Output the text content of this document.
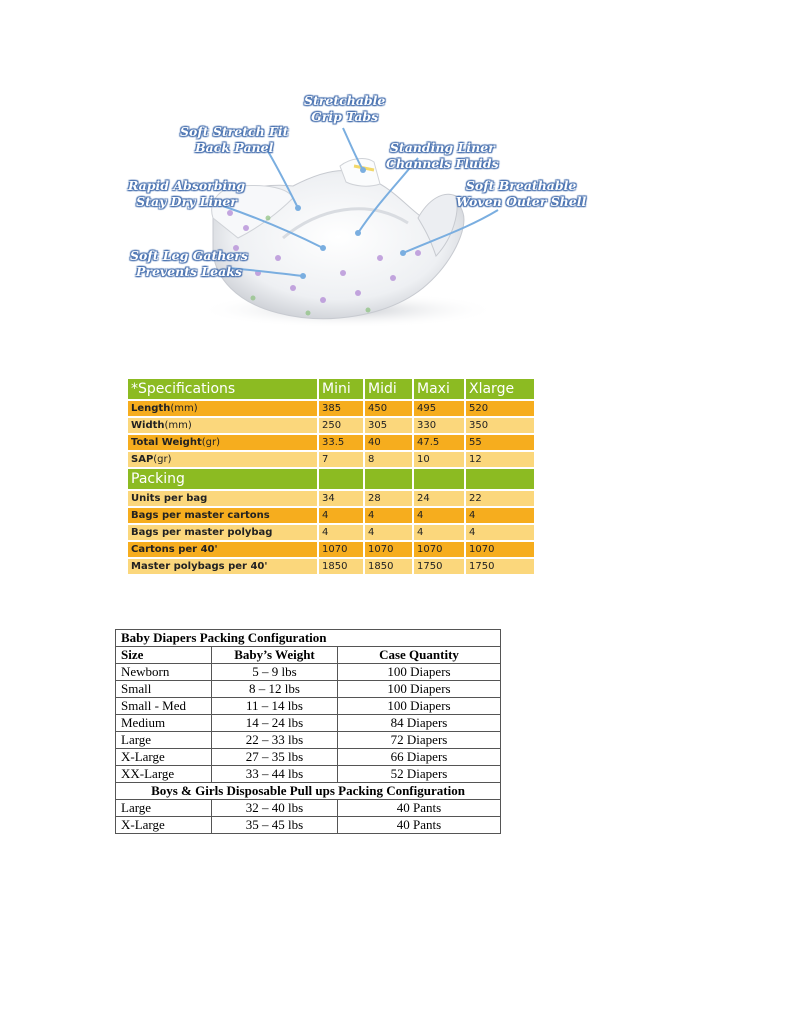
Stretchable
Grip Tabs
Soft Stretch Fit
Back Panel	Standing Liner
Channels Fluids
Rapid Absorbing
Stay Dry Liner
Soft Breathable
Woven Outer Shell
Soft Leg Gathers
Prevents Leaks
*Specifications	Mini	Midi	Maxi	Xlarge
Length(mm)	385	450	495	520
Width(mm)	250	305	330	350
Total Weight(gr)	33.5	40	47.5	55
SAP(gr)	7	8	10	12
Packing				
Units per bag	34	28	24	22
Bags per master cartons	4	4	4	4
Bags per master polybag	4	4	4	4
Cartons per 40'	1070	1070	1070	1070
Master polybags per 40'	1850	1850	1750	1750
Baby Diapers Packing Configuration		
Size	Baby’s Weight	Case Quantity
Newborn	5 – 9 lbs	100 Diapers
Small	8 – 12 lbs	100 Diapers
Small - Med	11 – 14 lbs	100 Diapers
Medium	14 – 24 lbs	84 Diapers
Large	22 – 33 lbs	72 Diapers
X-Large	27 – 35 lbs	66 Diapers
XX-Large	33 – 44 lbs	52 Diapers
Boys & Girls Disposable Pull ups Packing Configuration		
Large	32 – 40 lbs	40 Pants
X-Large	35 – 45 lbs	40 Pants
